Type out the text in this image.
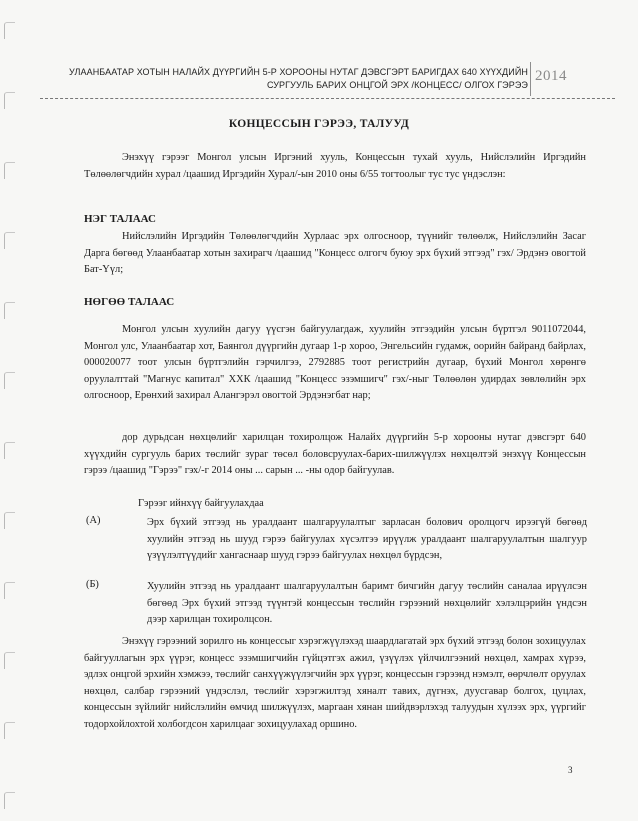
УЛААНБААТАР ХОТЫН НАЛАЙХ ДҮҮРГИЙН 5-Р ХОРООНЫ НУТАГ ДЭВСГЭРТ БАРИГДАХ 640 ХҮҮХДИЙН
СУРГУУЛЬ БАРИХ ОНЦГОЙ ЭРХ /КОНЦЕСС/ ОЛГОХ ГЭРЭЭ
2014
КОНЦЕССЫН ГЭРЭЭ, ТАЛУУД
Энэхүү гэрээг Монгол улсын Иргэний хууль, Концессын тухай хууль, Нийслэлийн Иргэдийн Төлөөлөгчдийн хурал /цаашид Иргэдийн Хурал/-ын 2010 оны 6/55 тогтоолыг тус тус үндэслэн:
НЭГ ТАЛААС
Нийслэлийн Иргэдийн Төлөөлөгчдийн Хурлаас эрх олгосноор, түүнийг төлөөлж, Нийслэлийн Засаг Дарга бөгөөд Улаанбаатар хотын захирагч /цаашид "Концесс олгогч буюу эрх бүхий этгээд" гэх/ Эрдэнэ овогтой Бат-Үүл;
НӨГӨӨ ТАЛААС
Монгол улсын хуулийн дагуу үүсгэн байгуулагдаж, хуулийн этгээдийн улсын бүртгэл 9011072044, Монгол улс, Улаанбаатар хот, Баянгол дүүргийн дугаар 1-р хороо, Энгельсийн гудамж, оорийн байранд байрлах, 000020077 тоот улсын бүртгэлийн гэрчилгээ, 2792885 тоот регистрийн дугаар, бүхий Монгол хөрөнгө оруулалттай "Магнус капитал" ХХК /цаашид "Концесс эзэмшигч" гэх/-ныг Төлөөлөн удирдах зөвлөлийн эрх олгосноор, Ерөнхий захирал Алангэрэл овогтой Эрдэнэгбат нар;
дор дурьдсан нөхцөлийг харилцан тохиролцож Налайх дүүргийн 5-р хорооны нутаг дэвсгэрт 640 хүүхдийн сургууль барих төслийг зураг төсөл боловсруулах-барих-шилжүүлэх нөхцөлтэй энэхүү Концессын гэрээ /цаашид "Гэрээ" гэх/-г 2014 оны ... сарын ... -ны одор байгуулав.
Гэрээг ийнхүү байгуулахдаа
(А)	Эрх бүхий этгээд нь уралдаант шалгаруулалтыг зарласан болович оролцогч ирээгүй бөгөөд хуулийн этгээд нь шууд гэрээ байгуулах хүсэлтээ ирүүлж уралдаант шалгаруулалтын шалгуур үзүүлэлтүүдийг хангаснаар шууд гэрээ байгуулах нөхцөл бүрдсэн,
(Б)	Хуулийн этгээд нь уралдаант шалгаруулалтын баримт бичгийн дагуу төслийн саналаа ирүүлсэн бөгөөд Эрх бүхий этгээд түүнтэй концессын төслийн гэрээний нөхцөлийг хэлэлцэрийн үндсэн дээр харилцан тохиролцсон.
Энэхүү гэрээний зорилго нь концессыг хэрэгжүүлэхэд шаардлагатай эрх бүхий этгээд болон зохицуулах байгууллагын эрх үүрэг, концесс эзэмшигчийн гүйцэтгэх ажил, үзүүлэх үйлчилгээний нөхцөл, хамрах хүрээ, эдлэх онцгой эрхийн хэмжээ, төслийг санхүүжүүлэгчийн эрх үүрэг, концессын гэрээнд нэмэлт, өөрчлөлт оруулах нөхцөл, салбар гэрээний үндэслэл, төслийг хэрэгжилтэд хяналт тавих, дүгнэх, дуусгавар болгох, цуцлах, концессын зүйлийг нийслэлийн өмчид шилжүүлэх, маргаан хянан шийдвэрлэхэд талуудын хүлээх эрх, үүргийг тодорхойлохтой холбогдсон харилцааг зохицуулахад оршино.
3
